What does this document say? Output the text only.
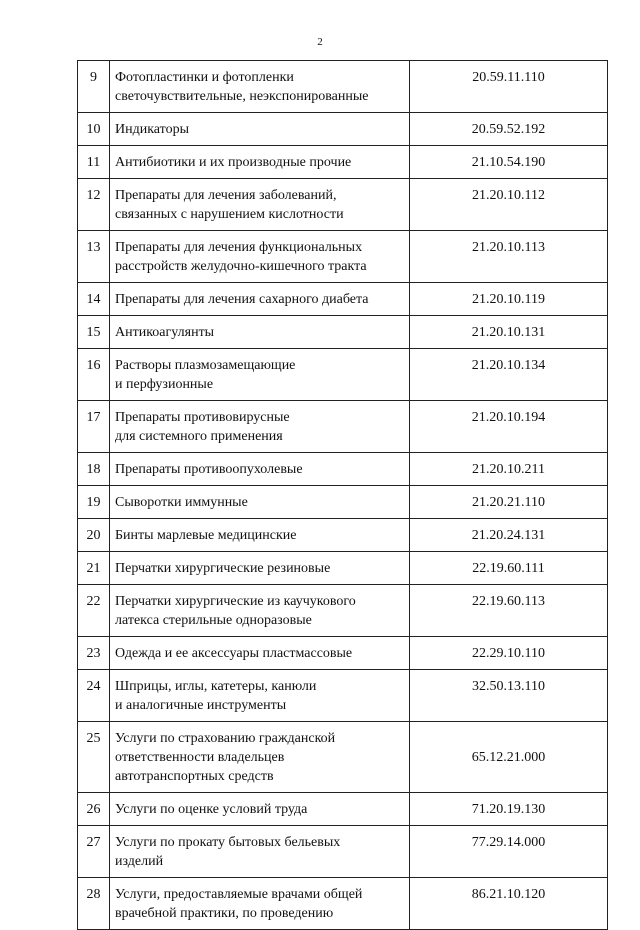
2
9	Фотопластинки и фотопленки
светочувствительные, неэкспонированные	20.59.11.110
10	Индикаторы	20.59.52.192
11	Антибиотики и их производные прочие	21.10.54.190
12	Препараты для лечения заболеваний,
связанных с нарушением кислотности	21.20.10.112
13	Препараты для лечения функциональных
расстройств желудочно-кишечного тракта	21.20.10.113
14	Препараты для лечения сахарного диабета	21.20.10.119
15	Антикоагулянты	21.20.10.131
16	Растворы плазмозамещающие
и перфузионные	21.20.10.134
17	Препараты противовирусные
для системного применения	21.20.10.194
18	Препараты противоопухолевые	21.20.10.211
19	Сыворотки иммунные	21.20.21.110
20	Бинты марлевые медицинские	21.20.24.131
21	Перчатки хирургические резиновые	22.19.60.111
22	Перчатки хирургические из каучукового
латекса стерильные одноразовые	22.19.60.113
23	Одежда и ее аксессуары пластмассовые	22.29.10.110
24	Шприцы, иглы, катетеры, канюли
и аналогичные инструменты	32.50.13.110
25	Услуги по страхованию гражданской
ответственности владельцев
автотранспортных средств	65.12.21.000
26	Услуги по оценке условий труда	71.20.19.130
27	Услуги по прокату бытовых бельевых
изделий	77.29.14.000
28	Услуги, предоставляемые врачами общей
врачебной практики, по проведению	86.21.10.120
